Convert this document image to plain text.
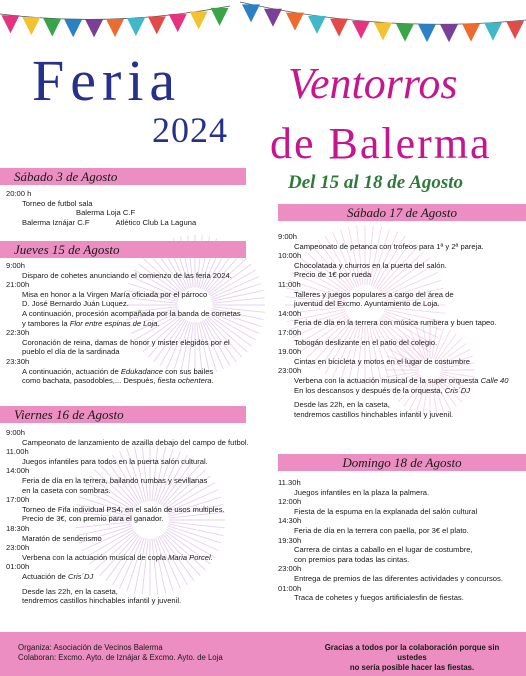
Feria
2024
Ventorros
de Balerma
Del 15 al 18 de Agosto
Sábado 3 de Agosto
20:00 h
Torneo de futbol sala
Balerma Loja C.F
Balerma Iznájar C.F	Atlético Club La Laguna
Jueves 15 de Agosto
9:00h
Disparo de cohetes anunciando el comienzo de las feria 2024.
21:00h
Misa en honor a la Virgen María oficiada por el párroco
D. José Bernardo Juán Luquez.
A continuación, procesión acompañada por la banda de cornetas
y tambores la Flor entre espinas de Loja.
22:30h
Coronación de reina, damas de honor y mister elegidos por el
pueblo el día de la sardinada
23:30h
A continuación, actuación de Edukadance con sus bailes
como bachata, pasodobles,... Después, fiesta ochentera.
Viernes 16 de Agosto
9:00h
Campeonato de lanzamiento de azailla debajo del campo de futbol.
11.00h
Juegos infantiles para todos en la puerta salón cultural.
14:00h
Feria de día en la terrera, bailando rumbas y sevillanas
en la caseta con sombras.
17:00h
Torneo de Fifa individual PS4, en el salón de usos multiples.
Precio de 3€, con premio para el ganador.
18:30h
Maratón de senderismo
23:00h
Verbena con la actuación musical de copla Maria Porcel.
01:00h
Actuación de Cris´DJ
Desde las 22h, en la caseta,
tendremos castillos hinchables infantil y juvenil.
Sábado 17 de Agosto
9:00h
Campeonato de petanca con trofeos para 1ª y 2ª pareja.
10:00h
Chocolatada y churros en la puerta del salón.
Precio de 1€ por rueda
11:00h
Talleres y juegos populares a cargo del área de
juventud del Excmo. Ayuntamiento de Loja.
14:00h
Feria de día en la terrera con música rumbera y buen tapeo.
17:00h
Tobogán deslizante en el patio del colegio.
19.00h
Cintas en bicicleta y motos en el lugar de costumbre
23:00h
Verbena con la actuación musical de la super orquesta Calle 40
En los descansos y después de la orquesta, Cris´DJ
Desde las 22h, en la caseta,
tendremos castillos hinchables infantil y juvenil.
Domingo 18 de Agosto
11.30h
Juegos infantiles en la plaza la palmera.
12:00h
Fiesta de la espuma en la explanada del salón cultural
14:30h
Feria de día en la terrera con paella, por 3€ el plato.
19:30h
Carrera de cintas a caballo en el lugar de costumbre,
con premios para todas las cintas.
23:00h
Entrega de premios de las diferentes actividades y concursos.
01:00h
Traca de cohetes y fuegos artificialesfin de fiestas.
Organiza: Asociación de Vecinos Balerma
Colaboran: Excmo. Ayto. de Iznájar & Excmo. Ayto. de Loja
Gracias a todos por la colaboración porque sin ustedes
no sería posible hacer las fiestas.
